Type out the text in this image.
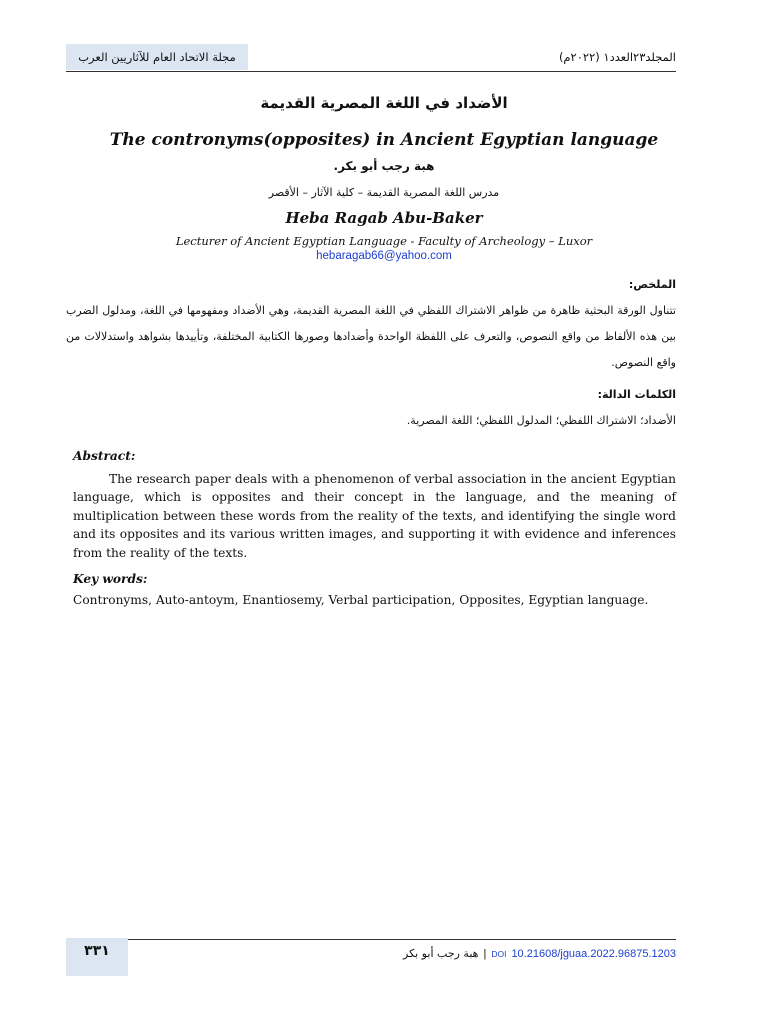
مجلة الاتحاد العام للآثاريين العرب	المجلد٢٣العدد١ (٢٠٢٢م)
الأضداد في اللغة المصرية القديمة
The contronyms(opposites) in Ancient Egyptian language
هبة رجب أبو بكر.
مدرس اللغة المصرية القديمة – كلية الآثار – الأقصر
Heba Ragab Abu-Baker
Lecturer of Ancient Egyptian Language - Faculty of Archeology – Luxor
hebaragab66@yahoo.com
الملخص:
تتناول الورقة البحثية ظاهرة من ظواهر الاشتراك اللفظي في اللغة المصرية القديمة، وهي الأضداد ومفهومها في اللغة، ومدلول الضرب بين هذه الألفاظ من واقع النصوص، والتعرف على اللفظة الواحدة وأضدادها وصورها الكتابية المختلفة، وتأييدها بشواهد واستدلالات من واقع النصوص.
الكلمات الدالة:
الأضداد؛ الاشتراك اللفظي؛ المدلول اللفظي؛ اللغة المصرية.
Abstract:
The research paper deals with a phenomenon of verbal association in the ancient Egyptian language, which is opposites and their concept in the language, and the meaning of multiplication between these words from the reality of the texts, and identifying the single word and its opposites and its various written images, and supporting it with evidence and inferences from the reality of the texts.
Key words:
Contronyms, Auto-antoym, Enantiosemy, Verbal participation, Opposites, Egyptian language.
٣٣١	هبة رجب أبو بكر | DOI 10.21608/jguaa.2022.96875.1203
